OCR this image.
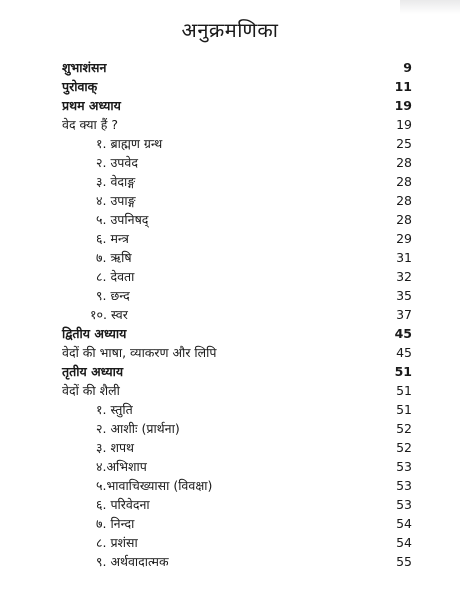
अनुक्रमणिका
शुभाशंसन	9
पुरोवाक्	11
प्रथम अध्याय	19
वेद क्या हैं ?	19
१. ब्राह्मण ग्रन्थ	25
२. उपवेद	28
३. वेदाङ्ग	28
४. उपाङ्ग	28
५. उपनिषद्	28
६. मन्त्र	29
७. ऋषि	31
८. देवता	32
९. छन्द	35
१०. स्वर	37
द्वितीय अध्याय	45
वेदों की भाषा, व्याकरण और लिपि	45
तृतीय अध्याय	51
वेदों की शैली	51
१. स्तुति	51
२. आशीः (प्रार्थना)	52
३. शपथ	52
४.अभिशाप	53
५.भावाचिख्यासा (विवक्षा)	53
६. परिवेदना	53
७. निन्दा	54
८. प्रशंसा	54
९. अर्थवादात्मक	55
